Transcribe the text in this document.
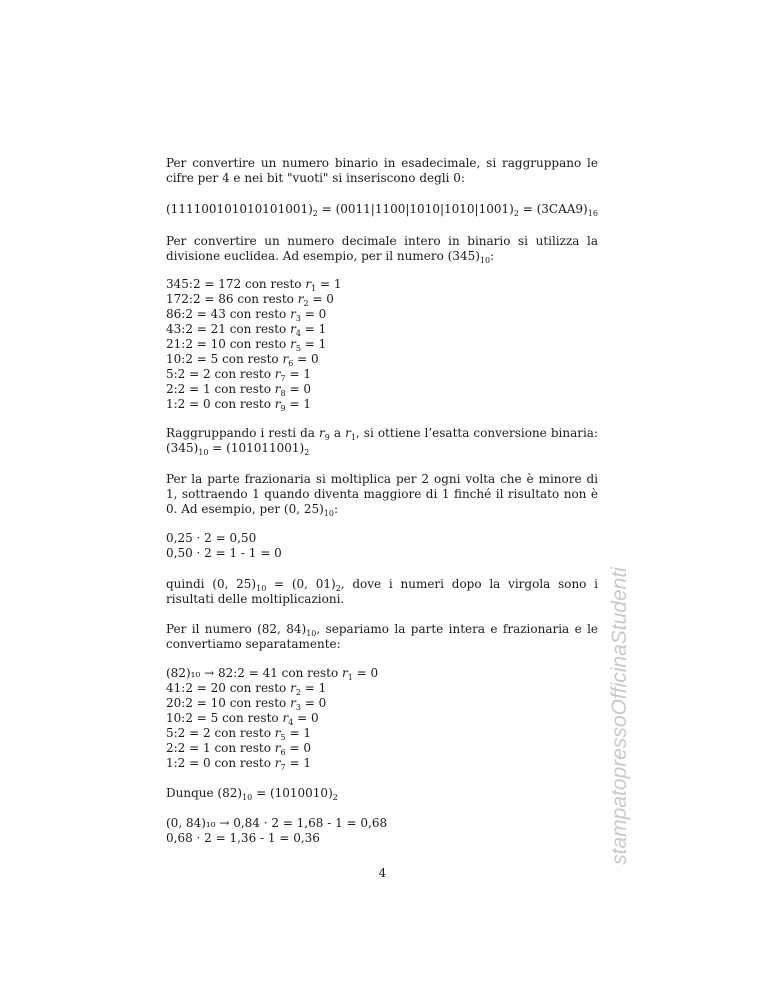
Per convertire un numero binario in esadecimale, si raggruppano le cifre per 4 e nei bit "vuoti" si inseriscono degli 0:
$(111100101010101001)_2 = (0011|1100|1010|1010|1001)_2 = (3CAA9)_{16}$
Per convertire un numero decimale intero in binario si utilizza la divisione euclidea. Ad esempio, per il numero $(345)_{10}$:
345:2 = 172 con resto $r_1 = 1$
172:2 = 86 con resto $r_2 = 0$
86:2 = 43 con resto $r_3 = 0$
43:2 = 21 con resto $r_4 = 1$
21:2 = 10 con resto $r_5 = 1$
10:2 = 5 con resto $r_6 = 0$
5:2 = 2 con resto $r_7 = 1$
2:2 = 1 con resto $r_8 = 0$
1:2 = 0 con resto $r_9 = 1$
Raggruppando i resti da $r_9$ a $r_1$, si ottiene l’esatta conversione binaria: $(345)_{10} = (101011001)_2$
Per la parte frazionaria si moltiplica per 2 ogni volta che è minore di 1, sottraendo 1 quando diventa maggiore di 1 finché il risultato non è 0. Ad esempio, per (0, $25)_{10}$:
0,25 · 2 = 0,50
0,50 · 2 = 1 - 1 = 0
quindi (0, $25)_{10} = (0$, $01)_2$, dove i numeri dopo la virgola sono i risultati delle moltiplicazioni.
Per il numero (82, $84)_{10}$, separiamo la parte intera e frazionaria e le convertiamo separatamente:
(82)₁₀ → 82:2 = 41 con resto $r_1 = 0$
41:2 = 20 con resto $r_2 = 1$
20:2 = 10 con resto $r_3 = 0$
10:2 = 5 con resto $r_4 = 0$
5:2 = 2 con resto $r_5 = 1$
2:2 = 1 con resto $r_6 = 0$
1:2 = 0 con resto $r_7 = 1$
Dunque $(82)_{10} = (1010010)_2$
(0, 84)₁₀ → 0,84 · 2 = 1,68 - 1 = 0,68
0,68 · 2 = 1,36 - 1 = 0,36
4
stampatopressoOfficinaStudenti
